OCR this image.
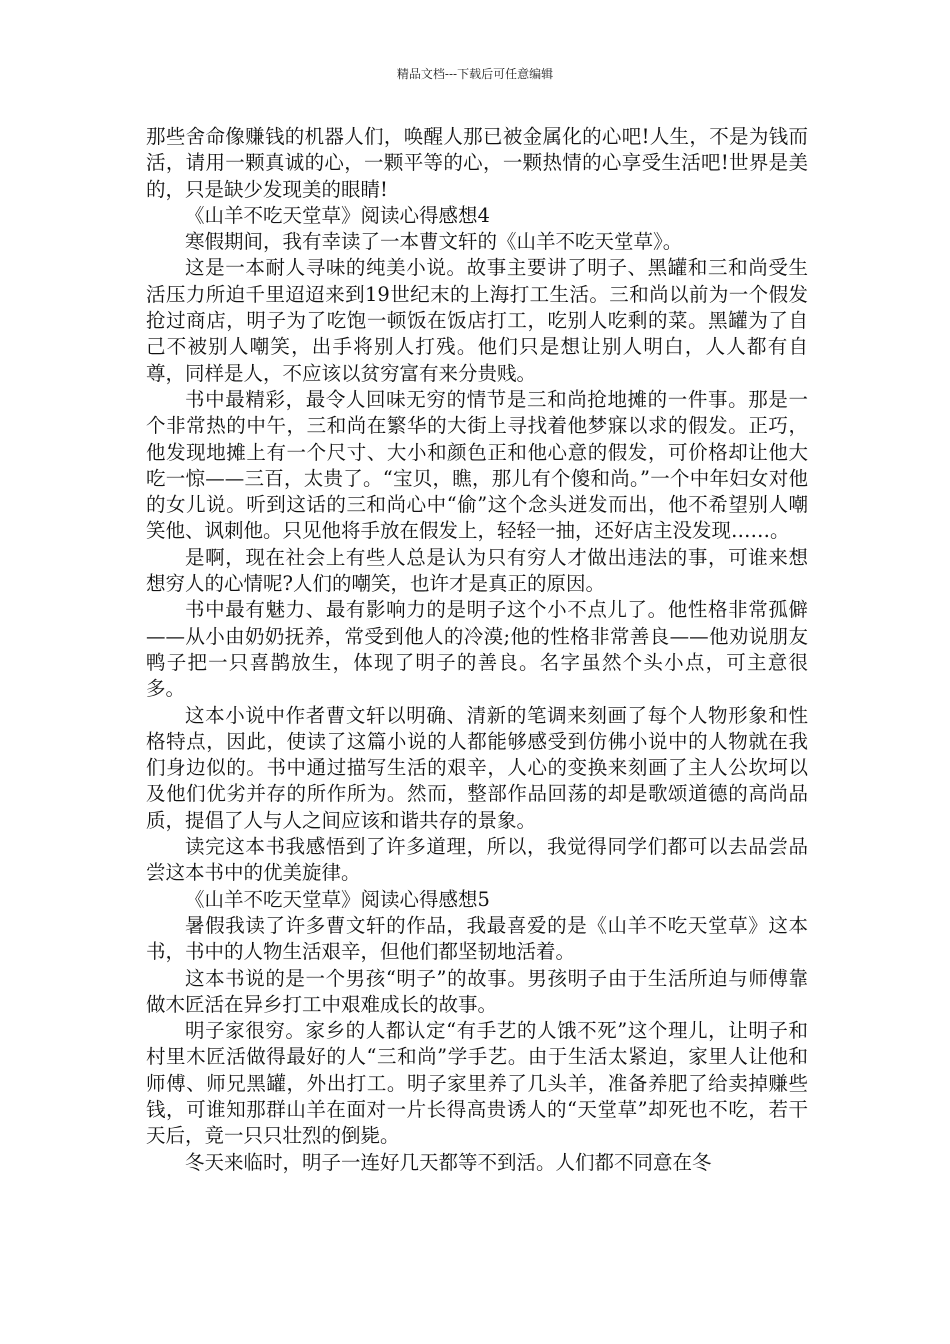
精品文档---下载后可任意编辑

那些舍命像赚钱的机器人们，唤醒人那已被金属化的心吧!人生，不是为钱而活，请用一颗真诚的心，一颗平等的心，一颗热情的心享受生活吧!世界是美的，只是缺少发现美的眼睛!

《山羊不吃天堂草》阅读心得感想4

寒假期间，我有幸读了一本曹文轩的《山羊不吃天堂草》。

这是一本耐人寻味的纯美小说。故事主要讲了明子、黑罐和三和尚受生活压力所迫千里迢迢来到19世纪末的上海打工生活。三和尚以前为一个假发抢过商店，明子为了吃饱一顿饭在饭店打工，吃别人吃剩的菜。黑罐为了自己不被别人嘲笑，出手将别人打残。他们只是想让别人明白，人人都有自尊，同样是人，不应该以贫穷富有来分贵贱。

书中最精彩，最令人回味无穷的情节是三和尚抢地摊的一件事。那是一个非常热的中午，三和尚在繁华的大街上寻找着他梦寐以求的假发。正巧，他发现地摊上有一个尺寸、大小和颜色正和他心意的假发，可价格却让他大吃一惊——三百，太贵了。“宝贝，瞧，那儿有个傻和尚。”一个中年妇女对他的女儿说。听到这话的三和尚心中“偷”这个念头迸发而出，他不希望别人嘲笑他、讽刺他。只见他将手放在假发上，轻轻一抽，还好店主没发现……。

是啊，现在社会上有些人总是认为只有穷人才做出违法的事，可谁来想想穷人的心情呢?人们的嘲笑，也许才是真正的原因。

书中最有魅力、最有影响力的是明子这个小不点儿了。他性格非常孤僻——从小由奶奶抚养，常受到他人的冷漠;他的性格非常善良——他劝说朋友鸭子把一只喜鹊放生，体现了明子的善良。名字虽然个头小点，可主意很多。

这本小说中作者曹文轩以明确、清新的笔调来刻画了每个人物形象和性格特点，因此，使读了这篇小说的人都能够感受到仿佛小说中的人物就在我们身边似的。书中通过描写生活的艰辛，人心的变换来刻画了主人公坎坷以及他们优劣并存的所作所为。然而，整部作品回荡的却是歌颂道德的高尚品质，提倡了人与人之间应该和谐共存的景象。

读完这本书我感悟到了许多道理，所以，我觉得同学们都可以去品尝品尝这本书中的优美旋律。

《山羊不吃天堂草》阅读心得感想5

暑假我读了许多曹文轩的作品，我最喜爱的是《山羊不吃天堂草》这本书，书中的人物生活艰辛，但他们都坚韧地活着。

这本书说的是一个男孩“明子”的故事。男孩明子由于生活所迫与师傅靠做木匠活在异乡打工中艰难成长的故事。

明子家很穷。家乡的人都认定“有手艺的人饿不死”这个理儿，让明子和村里木匠活做得最好的人“三和尚”学手艺。由于生活太紧迫，家里人让他和师傅、师兄黑罐，外出打工。明子家里养了几头羊，准备养肥了给卖掉赚些钱，可谁知那群山羊在面对一片长得高贵诱人的“天堂草”却死也不吃，若干天后，竟一只只壮烈的倒毙。

冬天来临时，明子一连好几天都等不到活。人们都不同意在冬
